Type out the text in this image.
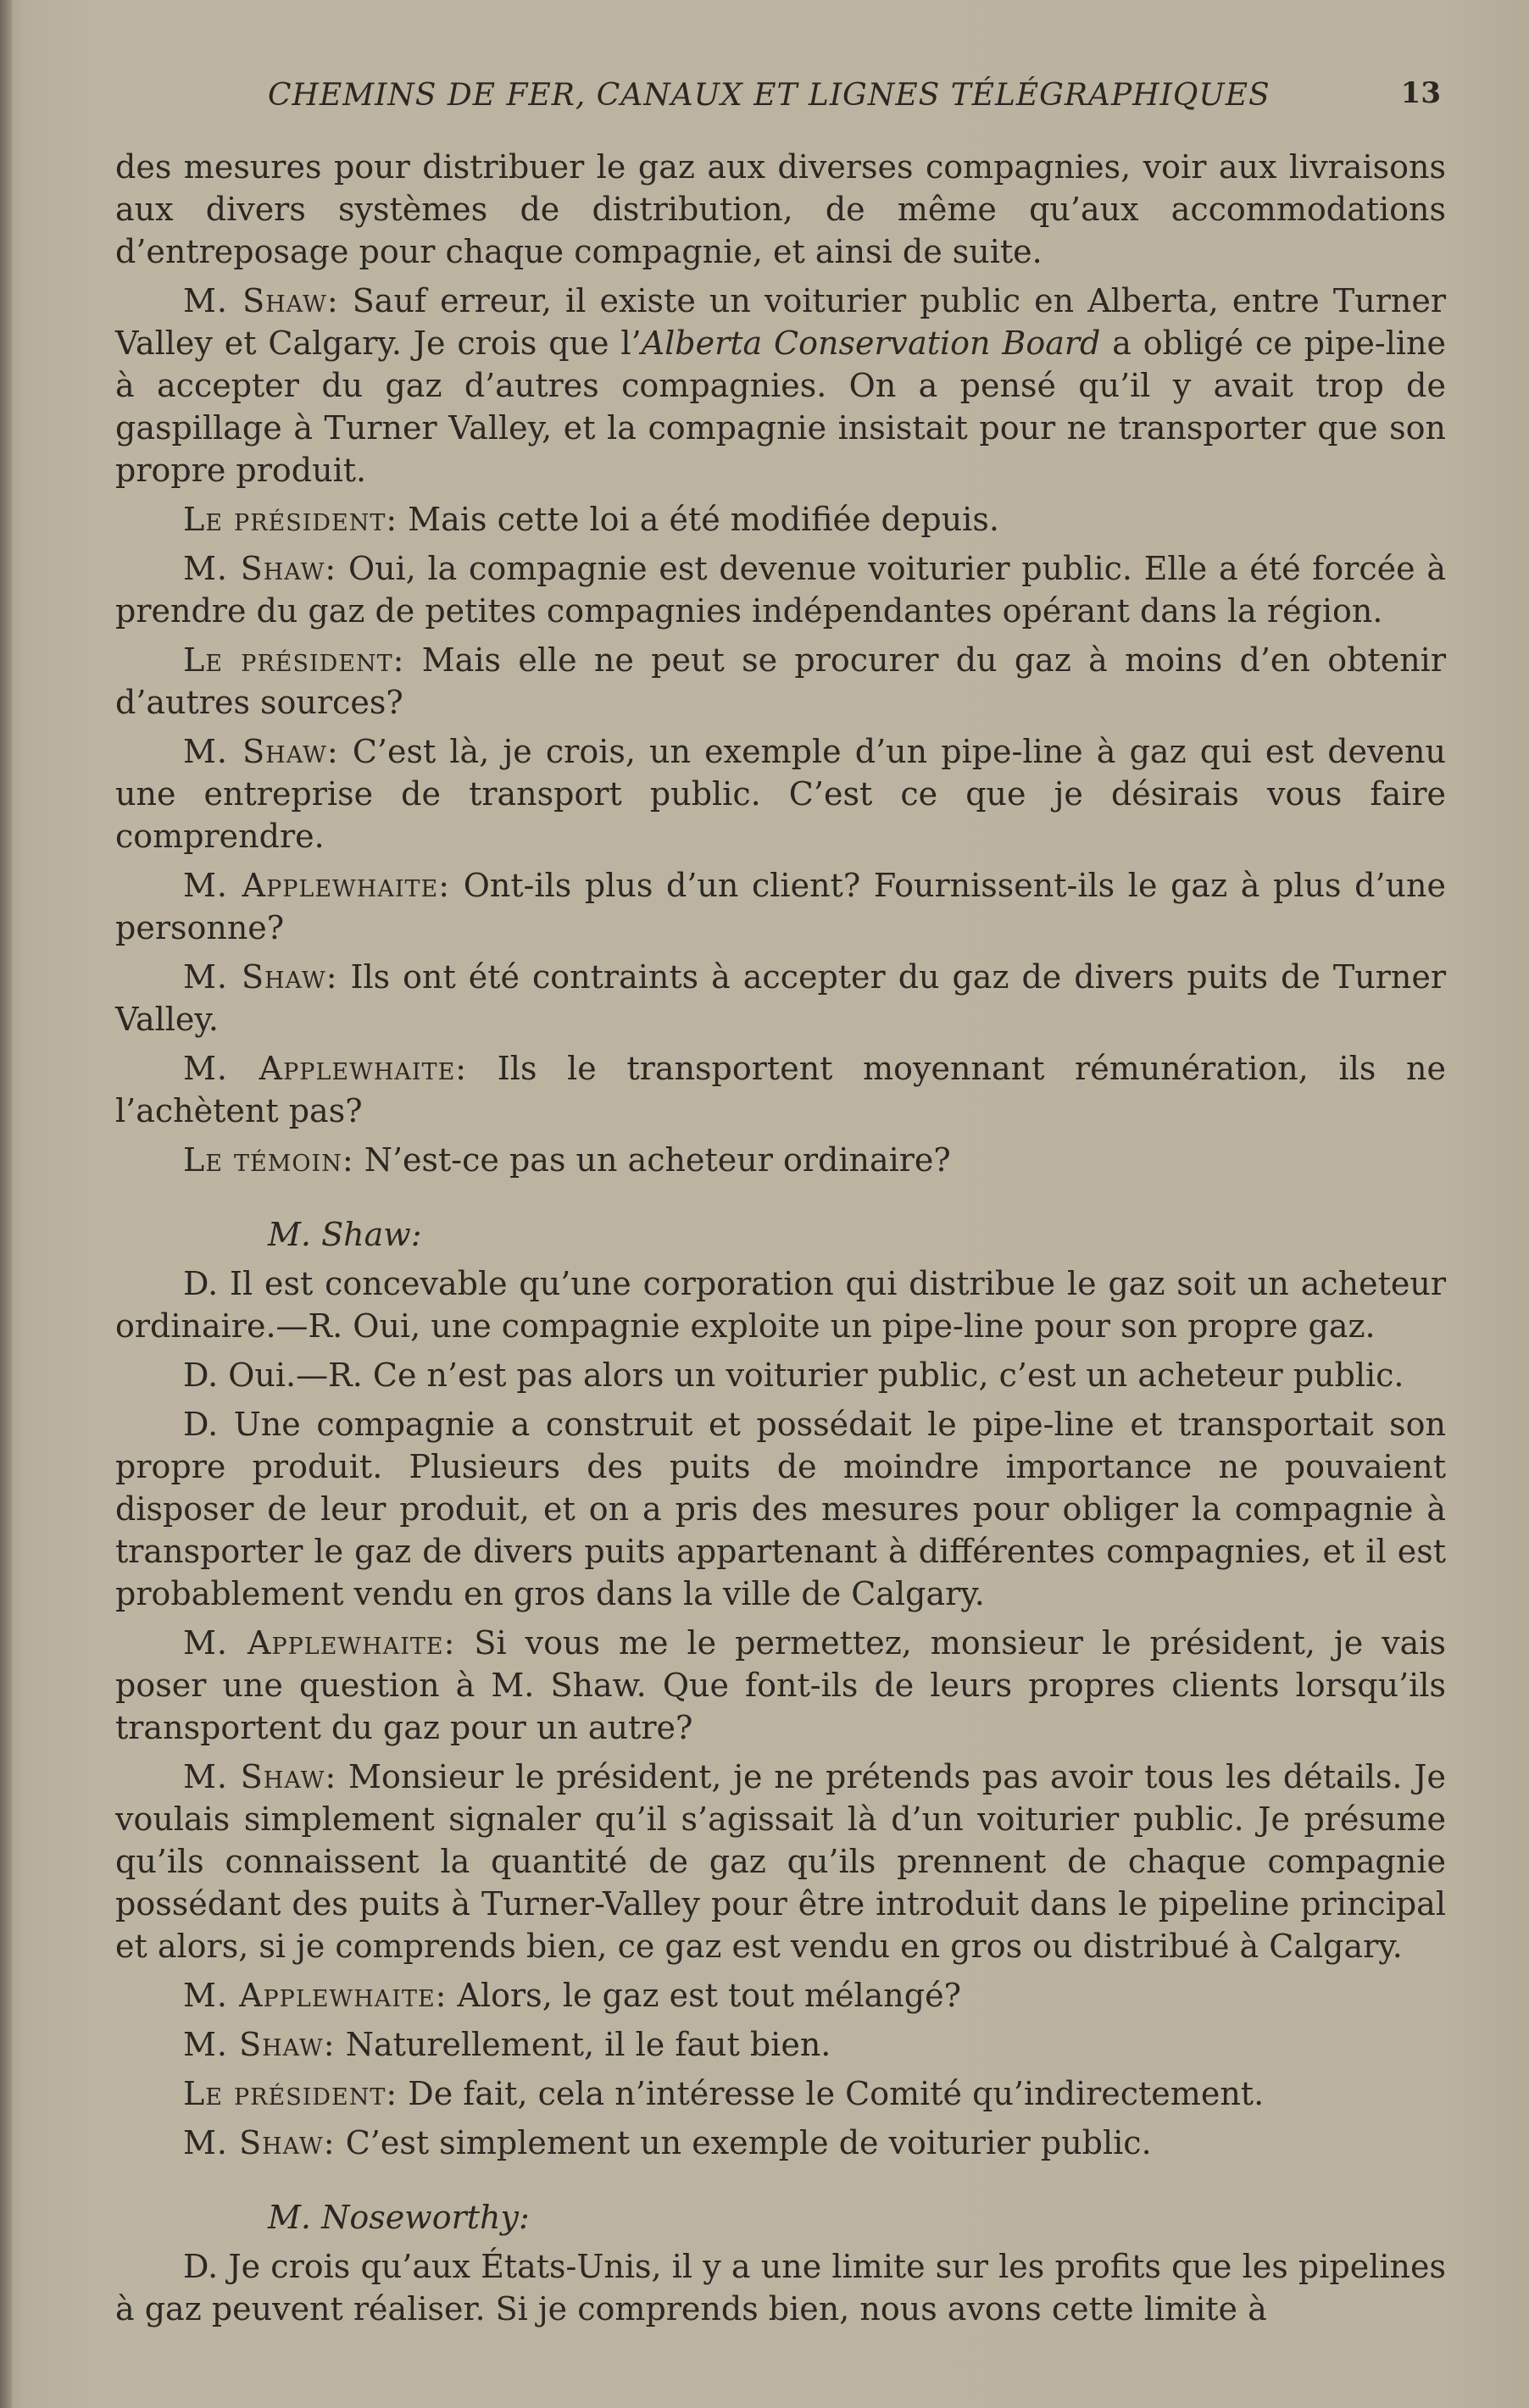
CHEMINS DE FER, CANAUX ET LIGNES TÉLÉGRAPHIQUES	13

des mesures pour distribuer le gaz aux diverses compagnies, voir aux livraisons aux divers systèmes de distribution, de même qu’aux accommodations d’entreposage pour chaque compagnie, et ainsi de suite.

M. Shaw: Sauf erreur, il existe un voiturier public en Alberta, entre Turner Valley et Calgary. Je crois que l’Alberta Conservation Board a obligé ce pipe-line à accepter du gaz d’autres compagnies. On a pensé qu’il y avait trop de gaspillage à Turner Valley, et la compagnie insistait pour ne transporter que son propre produit.

Le président: Mais cette loi a été modifiée depuis.

M. Shaw: Oui, la compagnie est devenue voiturier public. Elle a été forcée à prendre du gaz de petites compagnies indépendantes opérant dans la région.

Le président: Mais elle ne peut se procurer du gaz à moins d’en obtenir d’autres sources?

M. Shaw: C’est là, je crois, un exemple d’un pipe-line à gaz qui est devenu une entreprise de transport public. C’est ce que je désirais vous faire comprendre.

M. Applewhaite: Ont-ils plus d’un client? Fournissent-ils le gaz à plus d’une personne?

M. Shaw: Ils ont été contraints à accepter du gaz de divers puits de Turner Valley.

M. Applewhaite: Ils le transportent moyennant rémunération, ils ne l’achètent pas?

Le témoin: N’est-ce pas un acheteur ordinaire?

M. Shaw:

D. Il est concevable qu’une corporation qui distribue le gaz soit un acheteur ordinaire.—R. Oui, une compagnie exploite un pipe-line pour son propre gaz.

D. Oui.—R. Ce n’est pas alors un voiturier public, c’est un acheteur public.

D. Une compagnie a construit et possédait le pipe-line et transportait son propre produit. Plusieurs des puits de moindre importance ne pouvaient disposer de leur produit, et on a pris des mesures pour obliger la compagnie à transporter le gaz de divers puits appartenant à différentes compagnies, et il est probablement vendu en gros dans la ville de Calgary.

M. Applewhaite: Si vous me le permettez, monsieur le président, je vais poser une question à M. Shaw. Que font-ils de leurs propres clients lorsqu’ils transportent du gaz pour un autre?

M. Shaw: Monsieur le président, je ne prétends pas avoir tous les détails. Je voulais simplement signaler qu’il s’agissait là d’un voiturier public. Je présume qu’ils connaissent la quantité de gaz qu’ils prennent de chaque compagnie possédant des puits à Turner-Valley pour être introduit dans le pipeline principal et alors, si je comprends bien, ce gaz est vendu en gros ou distribué à Calgary.

M. Applewhaite: Alors, le gaz est tout mélangé?

M. Shaw: Naturellement, il le faut bien.

Le président: De fait, cela n’intéresse le Comité qu’indirectement.

M. Shaw: C’est simplement un exemple de voiturier public.

M. Noseworthy:

D. Je crois qu’aux États-Unis, il y a une limite sur les profits que les pipelines à gaz peuvent réaliser. Si je comprends bien, nous avons cette limite à
